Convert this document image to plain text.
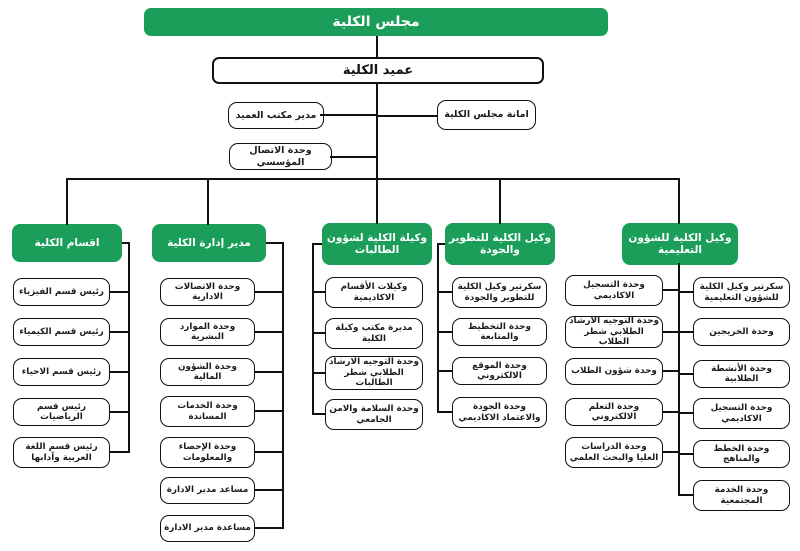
مجلس الكلية
عميد الكلية
مدير مكتب العميد	امانة مجلس الكلية
وحدة الاتصال المؤسسي
اقسام الكلية	مدير إدارة الكلية	وكيلة الكلية لشؤون الطالبات
وكيل الكلية للتطوير والجودة
وكيل الكلية للشؤون التعليمية
رئيس قسم الفيزياء
رئيس قسم الكيمياء
رئيس قسم الاحياء
رئيس قسم الرياضيات
رئيس قسم اللغة العربية وآدابها
وحدة الاتصالات الادارية
وحدة الموارد البشرية
وحدة الشؤون المالية
وحدة الخدمات المساندة
وحدة الإحصاء والمعلومات
مساعد مدير الادارة
مساعدة مدير الادارة
وكيلات الأقسام الاكاديمية
مديرة مكتب وكيلة الكلية
وحدة التوجيه الارشاد الطلابي شطر الطالبات
وحدة السلامة والامن الجامعي
سكرتير وكيل الكلية للتطوير والجودة
وحدة التخطيط والمتابعة
وحدة الموقع الالكتروني
وحدة الجودة والاعتماد الاكاديمي
وحدة التسجيل الاكاديمي
وحدة التوجيه الارشاد الطلابي شطر الطلاب
وحدة شؤون الطلاب
وحدة التعلم الالكتروني
وحدة الدراسات العليا والبحث العلمي
سكرتير وكيل الكلية للشؤون التعليمية
وحدة الخريجين
وحدة الأنشطة الطلابية
وحدة التسجيل الاكاديمي
وحدة الخطط والمناهج
وحدة الخدمة المجتمعية
